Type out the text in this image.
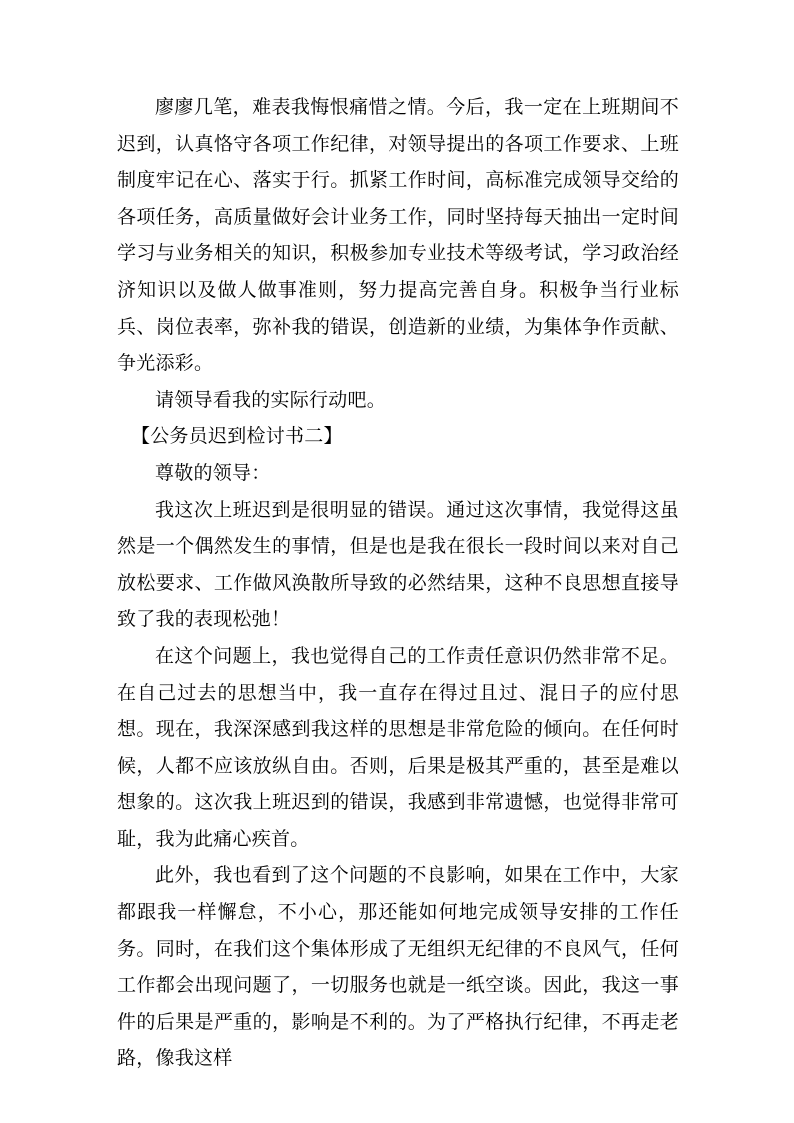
廖廖几笔，难表我悔恨痛惜之情。今后，我一定在上班期间不迟到，认真恪守各项工作纪律，对领导提出的各项工作要求、上班制度牢记在心、落实于行。抓紧工作时间，高标准完成领导交给的各项任务，高质量做好会计业务工作，同时坚持每天抽出一定时间学习与业务相关的知识，积极参加专业技术等级考试，学习政治经济知识以及做人做事准则，努力提高完善自身。积极争当行业标兵、岗位表率，弥补我的错误，创造新的业绩，为集体争作贡献、争光添彩。

请领导看我的实际行动吧。

【公务员迟到检讨书二】

尊敬的领导：

我这次上班迟到是很明显的错误。通过这次事情，我觉得这虽然是一个偶然发生的事情，但是也是我在很长一段时间以来对自己放松要求、工作做风涣散所导致的必然结果，这种不良思想直接导致了我的表现松弛！

在这个问题上，我也觉得自己的工作责任意识仍然非常不足。在自己过去的思想当中，我一直存在得过且过、混日子的应付思想。现在，我深深感到我这样的思想是非常危险的倾向。在任何时候，人都不应该放纵自由。否则，后果是极其严重的，甚至是难以想象的。这次我上班迟到的错误，我感到非常遗憾，也觉得非常可耻，我为此痛心疾首。

此外，我也看到了这个问题的不良影响，如果在工作中，大家都跟我一样懈怠，不小心，那还能如何地完成领导安排的工作任务。同时，在我们这个集体形成了无组织无纪律的不良风气，任何工作都会出现问题了，一切服务也就是一纸空谈。因此，我这一事件的后果是严重的，影响是不利的。为了严格执行纪律，不再走老路，像我这样
